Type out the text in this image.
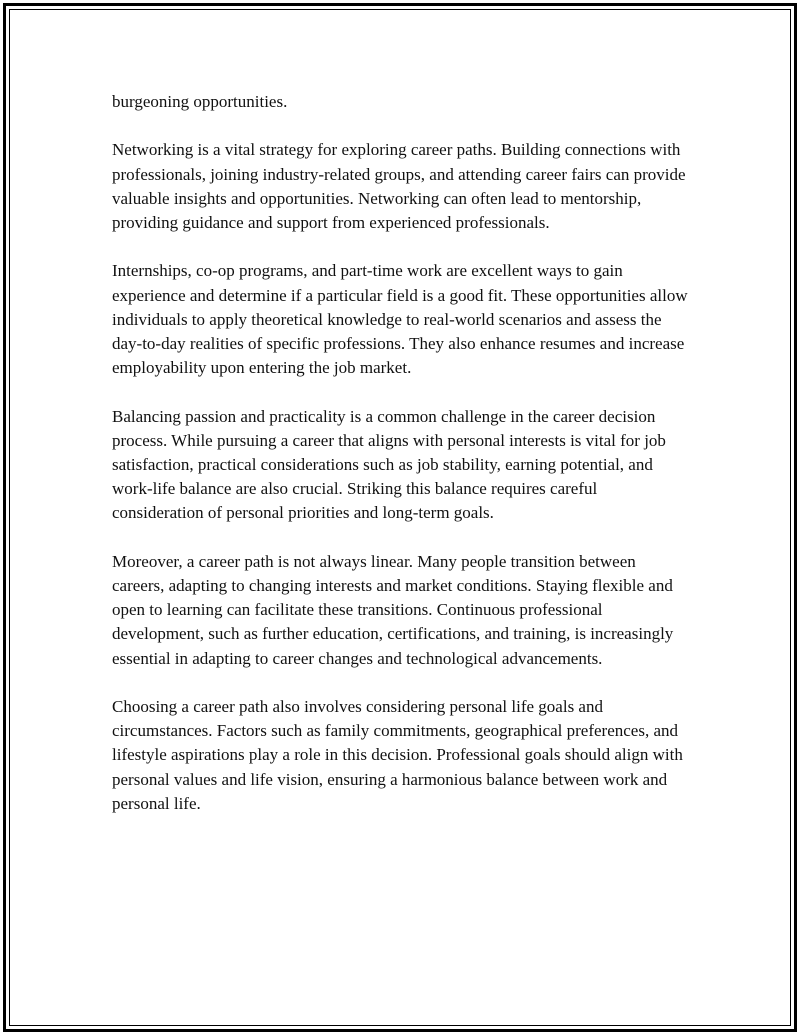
burgeoning opportunities.

Networking is a vital strategy for exploring career paths. Building connections with professionals, joining industry-related groups, and attending career fairs can provide valuable insights and opportunities. Networking can often lead to mentorship, providing guidance and support from experienced professionals.

Internships, co-op programs, and part-time work are excellent ways to gain experience and determine if a particular field is a good fit. These opportunities allow individuals to apply theoretical knowledge to real-world scenarios and assess the day-to-day realities of specific professions. They also enhance resumes and increase employability upon entering the job market.

Balancing passion and practicality is a common challenge in the career decision process. While pursuing a career that aligns with personal interests is vital for job satisfaction, practical considerations such as job stability, earning potential, and work-life balance are also crucial. Striking this balance requires careful consideration of personal priorities and long-term goals.

Moreover, a career path is not always linear. Many people transition between careers, adapting to changing interests and market conditions. Staying flexible and open to learning can facilitate these transitions. Continuous professional development, such as further education, certifications, and training, is increasingly essential in adapting to career changes and technological advancements.

Choosing a career path also involves considering personal life goals and circumstances. Factors such as family commitments, geographical preferences, and lifestyle aspirations play a role in this decision. Professional goals should align with personal values and life vision, ensuring a harmonious balance between work and personal life.
